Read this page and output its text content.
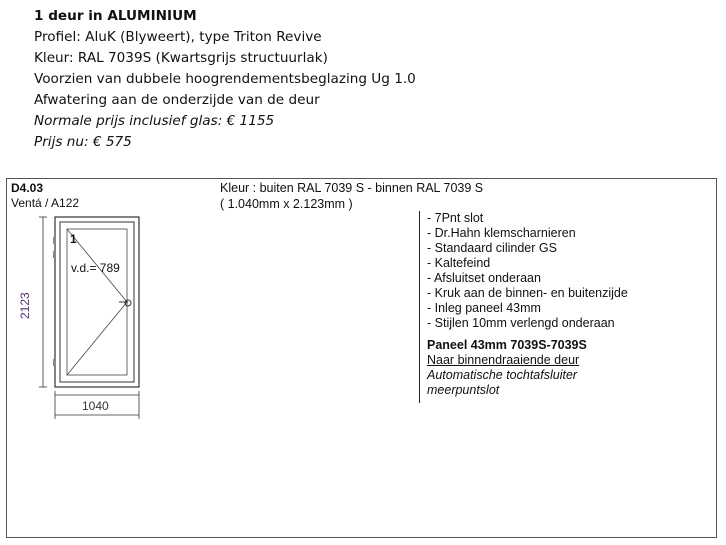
1 deur in ALUMINIUM
Profiel: AluK (Blyweert), type Triton Revive
Kleur: RAL 7039S (Kwartsgrijs structuurlak)
Voorzien van dubbele hoogrendementsbeglazing Ug 1.0
Afwatering aan de onderzijde van de deur
Normale prijs inclusief glas: € 1155
Prijs nu: € 575
D4.03
Ventá / A122
Kleur : buiten RAL 7039 S - binnen RAL 7039 S
( 1.040mm x 2.123mm )
- 7Pnt slot
- Dr.Hahn klemscharnieren
- Standaard cilinder GS
- Kaltefeind
- Afsluitset onderaan
- Kruk aan de binnen- en buitenzijde
- Inleg paneel 43mm
- Stijlen 10mm verlengd onderaan
Paneel 43mm 7039S-7039S
Naar binnendraaiende deur
Automatische tochtafsluiter
meerpuntslot
1
v.d.= 789
2123
1040
